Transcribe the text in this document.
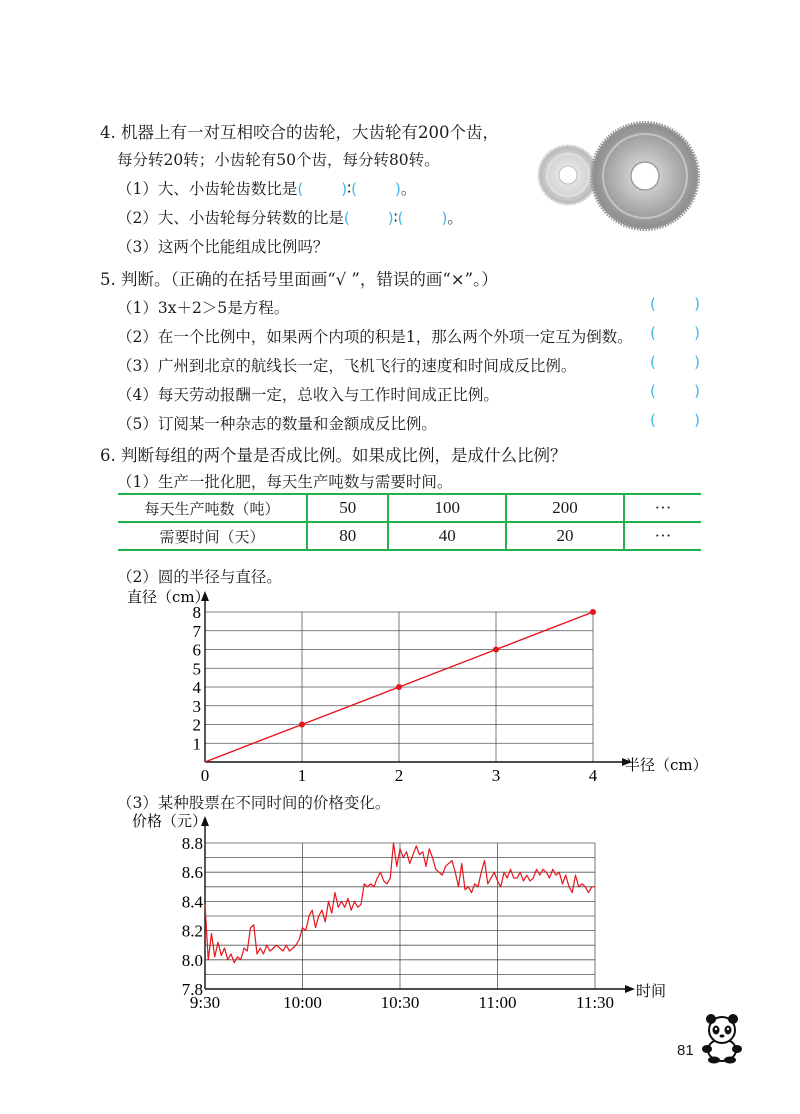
4. 机器上有一对互相咬合的齿轮，大齿轮有200个齿，
每分转20转；小齿轮有50个齿，每分转80转。
（1）大、小齿轮齿数比是(	)∶(	)。
（2）大、小齿轮每分转数的比是(	)∶(	)。
（3）这两个比能组成比例吗？
5. 判断。（正确的在括号里面画“√ ”，错误的画“×”。）
（1）3x＋2＞5是方程。	(	)
（2）在一个比例中，如果两个内项的积是1，那么两个外项一定互为倒数。 (	)
（3）广州到北京的航线长一定，飞机飞行的速度和时间成反比例。	(	)
（4）每天劳动报酬一定，总收入与工作时间成正比例。	(	)
（5）订阅某一种杂志的数量和金额成反比例。	(	)
6. 判断每组的两个量是否成比例。如果成比例，是成什么比例？
（1）生产一批化肥，每天生产吨数与需要时间。
每天生产吨数（吨）	50	100	200	···
需要时间（天）	80	40	20	···
（2）圆的半径与直径。
1
2
3
4
5
6
7
8
0	1	2	3	4
直径（cm）
半径（cm）
（3）某种股票在不同时间的价格变化。
7.8
8.0
8.2
8.4
8.6
8.8
9:30	10:00	10:30	11:00	11:30
价格（元）
时间
81
